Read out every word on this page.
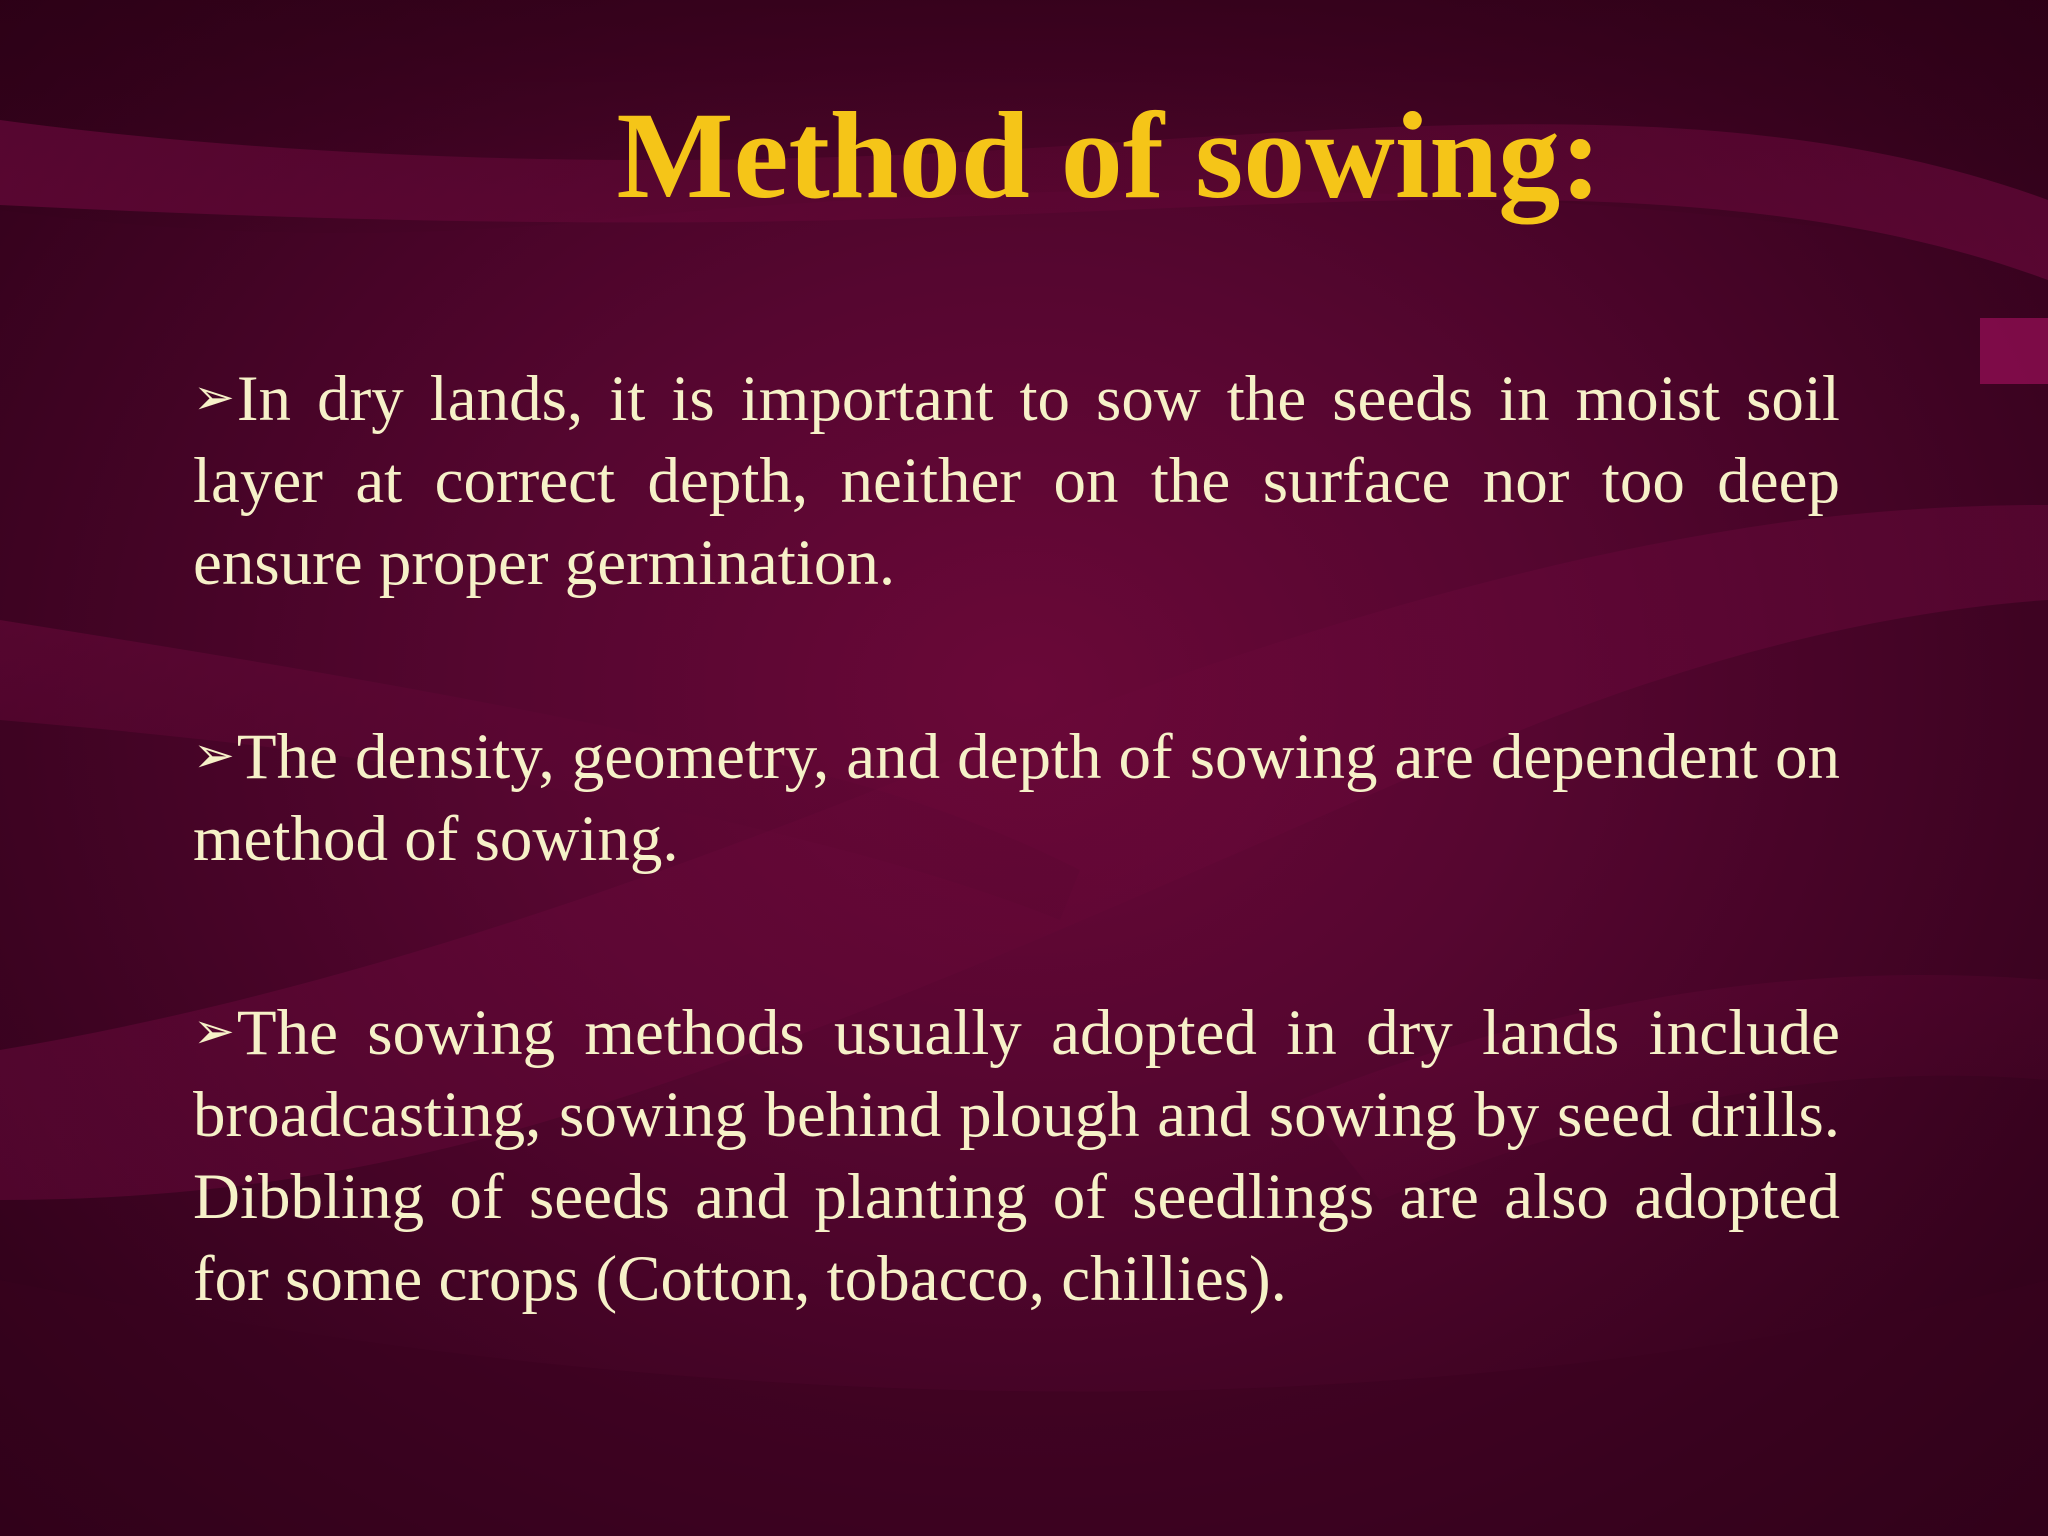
Method of sowing:
➢In dry lands, it is important to sow the seeds in moist soil layer at correct depth, neither on the surface nor too deep ensure proper germination.
➢The density, geometry, and depth of sowing are dependent on method of sowing.
➢The sowing methods usually adopted in dry lands include broadcasting, sowing behind plough and sowing by seed drills. Dibbling of seeds and planting of seedlings are also adopted for some crops (Cotton, tobacco, chillies).
